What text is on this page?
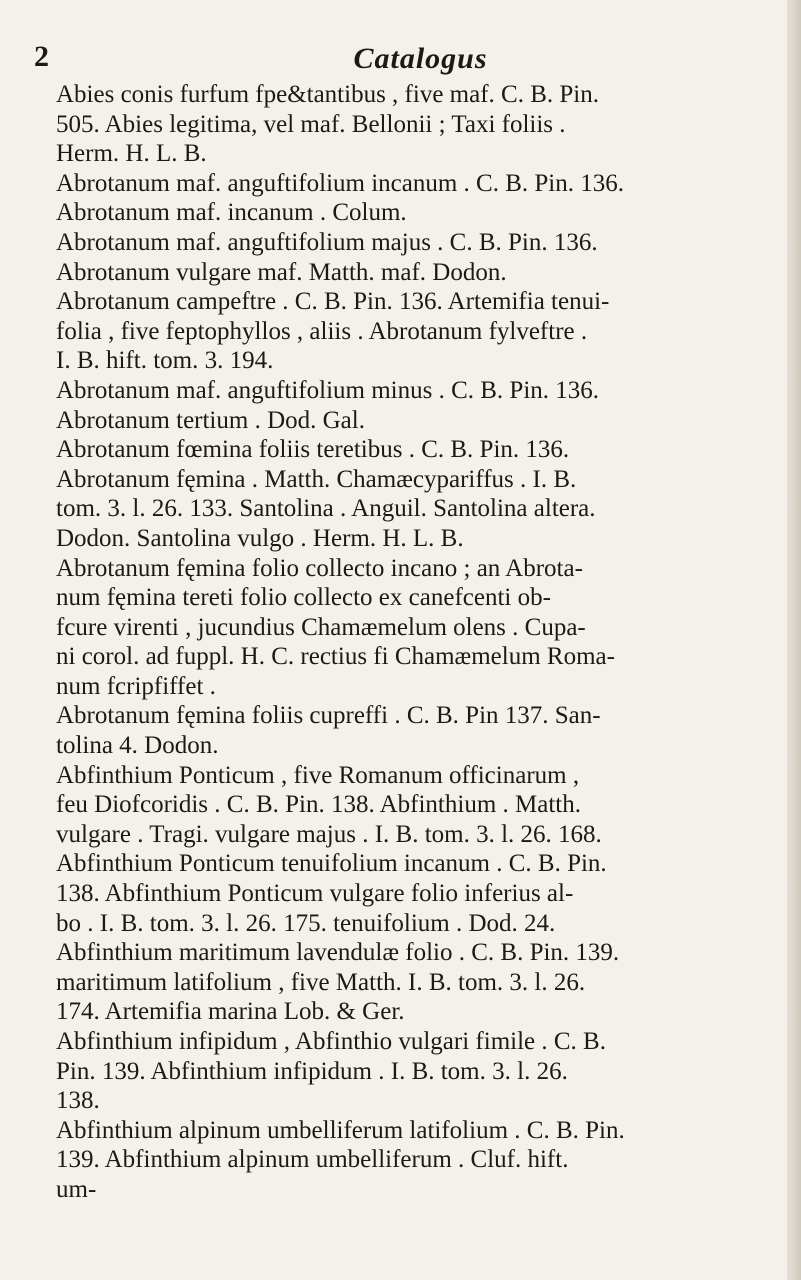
2	Catalogus

Abies conis furfum fpe&tantibus , five maf. C. B. Pin.
505. Abies legitima, vel maf. Bellonii ; Taxi foliis .
Herm. H. L. B.

Abrotanum maf. anguftifolium incanum . C. B. Pin. 136.
Abrotanum maf. incanum . Colum.

Abrotanum maf. anguftifolium majus . C. B. Pin. 136.
Abrotanum vulgare maf. Matth. maf. Dodon.

Abrotanum campeftre . C. B. Pin. 136. Artemifia tenui-
folia , five feptophyllos , aliis . Abrotanum fylveftre .
I. B. hift. tom. 3. 194.

Abrotanum maf. anguftifolium minus . C. B. Pin. 136.
Abrotanum tertium . Dod. Gal.

Abrotanum fœmina foliis teretibus . C. B. Pin. 136.
Abrotanum fęmina . Matth. Chamæcypariffus . I. B.
tom. 3. l. 26. 133. Santolina . Anguil. Santolina altera.
Dodon. Santolina vulgo . Herm. H. L. B.

Abrotanum fęmina folio collecto incano ; an Abrota-
num fęmina tereti folio collecto ex canefcenti ob-
fcure virenti , jucundius Chamæmelum olens . Cupa-
ni corol. ad fuppl. H. C. rectius fi Chamæmelum Roma-
num fcripfiffet .

Abrotanum fęmina foliis cupreffi . C. B. Pin 137. San-
tolina 4. Dodon.

Abfinthium Ponticum , five Romanum officinarum ,
feu Diofcoridis . C. B. Pin. 138. Abfinthium . Matth.
vulgare . Tragi. vulgare majus . I. B. tom. 3. l. 26. 168.

Abfinthium Ponticum tenuifolium incanum . C. B. Pin.
138. Abfinthium Ponticum vulgare folio inferius al-
bo . I. B. tom. 3. l. 26. 175. tenuifolium . Dod. 24.

Abfinthium maritimum lavendulæ folio . C. B. Pin. 139.
maritimum latifolium , five Matth. I. B. tom. 3. l. 26.
174. Artemifia marina Lob. & Ger.

Abfinthium infipidum , Abfinthio vulgari fimile . C. B.
Pin. 139. Abfinthium infipidum . I. B. tom. 3. l. 26.
138.

Abfinthium alpinum umbelliferum latifolium . C. B. Pin.
139. Abfinthium alpinum umbelliferum . Cluf. hift.
um-
